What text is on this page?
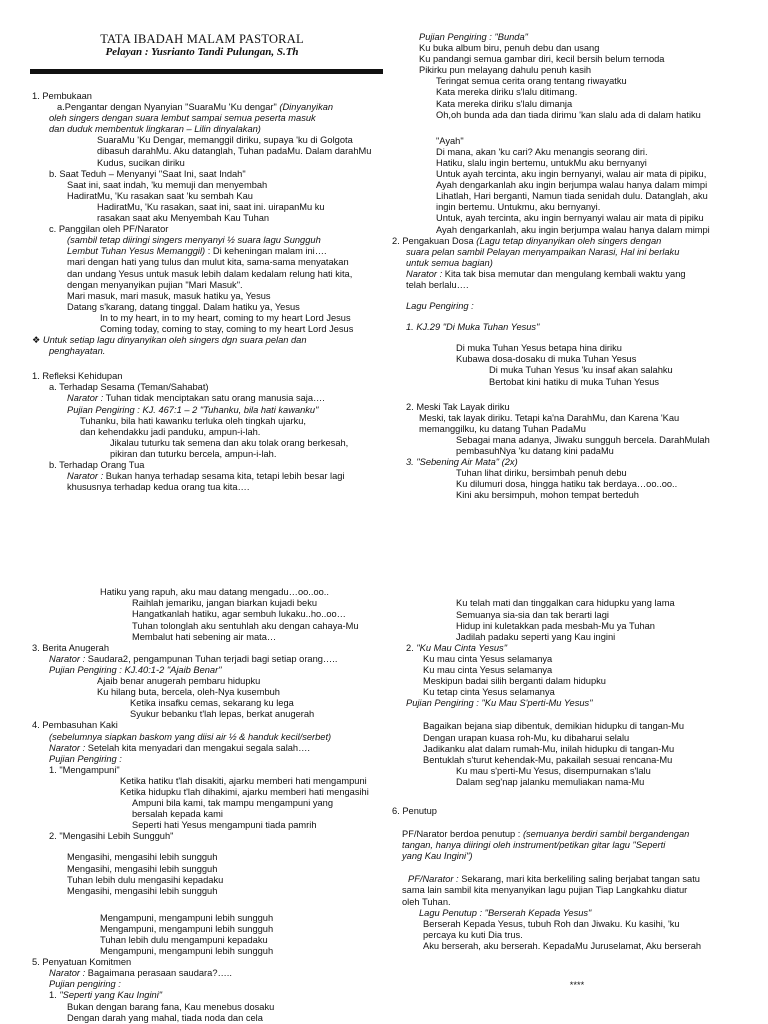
TATA IBADAH MALAM PASTORAL
Pelayan : Yusrianto Tandi Pulungan, S.Th
1. Pembukaan
a.Pengantar dengan Nyanyian "SuaraMu 'Ku dengar" (Dinyanyikan
oleh singers dengan suara lembut sampai semua peserta masuk
dan duduk membentuk lingkaran – Lilin dinyalakan)
SuaraMu 'Ku Dengar, memanggil diriku, supaya 'ku di Golgota
dibasuh darahMu. Aku datanglah, Tuhan padaMu. Dalam darahMu
Kudus, sucikan diriku
b. Saat Teduh – Menyanyi "Saat Ini, saat Indah"
Saat ini, saat indah, 'ku memuji dan menyembah
HadiratMu, 'Ku rasakan saat 'ku sembah Kau
HadiratMu, 'Ku rasakan, saat ini, saat ini. uirapanMu ku
rasakan saat aku Menyembah Kau Tuhan
c. Panggilan oleh PF/Narator
(sambil tetap diiringi singers menyanyi ½ suara lagu Sungguh
Lembut Tuhan Yesus Memanggil) : Di keheningan malam ini….
mari dengan hati yang tulus dan mulut kita, sama-sama menyatakan
dan undang Yesus untuk masuk lebih dalam kedalam relung hati kita,
dengan menyanyikan pujian "Mari Masuk".
Mari masuk, mari masuk, masuk hatiku ya, Yesus
Datang s'karang, datang tinggal. Dalam hatiku ya, Yesus
In to my heart, in to my heart, coming to my heart Lord Jesus
Coming today, coming to stay, coming to my heart Lord Jesus
❖ Untuk setiap lagu dinyanyikan oleh singers dgn suara pelan dan
penghayatan.
1. Refleksi Kehidupan
a. Terhadap Sesama (Teman/Sahabat)
Narator : Tuhan tidak menciptakan satu orang manusia saja….
Pujian Pengiring : KJ. 467:1 – 2 "Tuhanku, bila hati kawanku"
Tuhanku, bila hati kawanku terluka oleh tingkah ujarku,
dan kehendakku jadi panduku, ampun-i-lah.
Jikalau tuturku tak semena dan aku tolak orang berkesah,
pikiran dan tuturku bercela, ampun-i-lah.
b. Terhadap Orang Tua
Narator : Bukan hanya terhadap sesama kita, tetapi lebih besar lagi
khususnya terhadap kedua orang tua kita….
Hatiku yang rapuh, aku mau datang mengadu…oo..oo..
Raihlah jemariku, jangan biarkan kujadi beku
Hangatkanlah hatiku, agar sembuh lukaku..ho..oo…
Tuhan tolonglah aku sentuhlah aku dengan cahaya-Mu
Membalut hati sebening air mata…
3. Berita Anugerah
Narator : Saudara2, pengampunan Tuhan terjadi bagi setiap orang…..
Pujian Pengiring : KJ.40:1-2 "Ajaib Benar"
Ajaib benar anugerah pembaru hidupku
Ku hilang buta, bercela, oleh-Nya kusembuh
Ketika insafku cemas, sekarang ku lega
Syukur bebanku t'lah lepas, berkat anugerah
4. Pembasuhan Kaki
(sebelumnya siapkan baskom yang diisi air ½ & handuk kecil/serbet)
Narator : Setelah kita menyadari dan mengakui segala salah….
Pujian Pengiring :
1. "Mengampuni"
Ketika hatiku t'lah disakiti, ajarku memberi hati mengampuni
Ketika hidupku t'lah dihakimi, ajarku memberi hati mengasihi
Ampuni bila kami, tak mampu mengampuni yang
bersalah kepada kami
Seperti hati Yesus mengampuni tiada pamrih
2. "Mengasihi Lebih Sungguh"
Mengasihi, mengasihi lebih sungguh
Mengasihi, mengasihi lebih sungguh
Tuhan lebih dulu mengasihi kepadaku
Mengasihi, mengasihi lebih sungguh
Mengampuni, mengampuni lebih sungguh
Mengampuni, mengampuni lebih sungguh
Tuhan lebih dulu mengampuni kepadaku
Mengampuni, mengampuni lebih sungguh
5. Penyatuan Komitmen
Narator : Bagaimana perasaan saudara?…..
Pujian pengiring :
1. "Seperti yang Kau Ingini"
Bukan dengan barang fana, Kau menebus dosaku
Dengan darah yang mahal, tiada noda dan cela
Pujian Pengiring : "Bunda"
Ku buka album biru, penuh debu dan usang
Ku pandangi semua gambar diri, kecil bersih belum ternoda
Pikirku pun melayang dahulu penuh kasih
Teringat semua cerita orang tentang riwayatku
Kata mereka diriku s'lalu ditimang.
Kata mereka diriku s'lalu dimanja
Oh,oh bunda ada dan tiada dirimu 'kan slalu ada di dalam hatiku
"Ayah"
Di mana, akan 'ku cari? Aku menangis seorang diri.
Hatiku, slalu ingin bertemu, untukMu aku bernyanyi
Untuk ayah tercinta, aku ingin bernyanyi, walau air mata di pipiku,
Ayah dengarkanlah aku ingin berjumpa walau hanya dalam mimpi
Lihatlah, Hari berganti, Namun tiada senidah dulu. Datanglah, aku
ingin bertemu. Untukmu, aku bernyanyi.
Untuk, ayah tercinta, aku ingin bernyanyi walau air mata di pipiku
Ayah dengarkanlah, aku ingin berjumpa walau hanya dalam mimpi
2. Pengakuan Dosa (Lagu tetap dinyanyikan oleh singers dengan
suara pelan sambil Pelayan menyampaikan Narasi, Hal ini berlaku
untuk semua bagian)
Narator : Kita tak bisa memutar dan mengulang kembali waktu yang
telah berlalu….
Lagu Pengiring :
1. KJ.29 "Di Muka Tuhan Yesus"
Di muka Tuhan Yesus betapa hina diriku
Kubawa dosa-dosaku di muka Tuhan Yesus
Di muka Tuhan Yesus 'ku insaf akan salahku
Bertobat kini hatiku di muka Tuhan Yesus
2. Meski Tak Layak diriku
Meski, tak layak diriku. Tetapi ka'na DarahMu, dan Karena 'Kau
memanggilku, ku datang Tuhan PadaMu
Sebagai mana adanya, Jiwaku sungguh bercela. DarahMulah
pembasuhNya 'ku datang kini padaMu
3. "Sebening Air Mata" (2x)
Tuhan lihat diriku, bersimbah penuh debu
Ku dilumuri dosa, hingga hatiku tak berdaya…oo..oo..
Kini aku bersimpuh, mohon tempat berteduh
Ku telah mati dan tinggalkan cara hidupku yang lama
Semuanya sia-sia dan tak berarti lagi
Hidup ini kuletakkan pada mesbah-Mu ya Tuhan
Jadilah padaku seperti yang Kau ingini
2. "Ku Mau Cinta Yesus"
Ku mau cinta Yesus selamanya
Ku mau cinta Yesus selamanya
Meskipun badai silih berganti dalam hidupku
Ku tetap cinta Yesus selamanya
Pujian Pengiring : "Ku Mau S'perti-Mu Yesus"
Bagaikan bejana siap dibentuk, demikian hidupku di tangan-Mu
Dengan urapan kuasa roh-Mu, ku dibaharui selalu
Jadikanku alat dalam rumah-Mu, inilah hidupku di tangan-Mu
Bentuklah s'turut kehendak-Mu, pakailah sesuai rencana-Mu
Ku mau s'perti-Mu Yesus, disempurnakan s'lalu
Dalam seg'nap jalanku memuliakan nama-Mu
6. Penutup
PF/Narator berdoa penutup : (semuanya berdiri sambil bergandengan
tangan, hanya diiringi oleh instrument/petikan gitar lagu "Seperti
yang Kau Ingini")
PF/Narator : Sekarang, mari kita berkeliling saling berjabat tangan satu
sama lain sambil kita menyanyikan lagu pujian Tiap Langkahku diatur
oleh Tuhan.
Lagu Penutup : "Berserah Kepada Yesus"
Berserah Kepada Yesus, tubuh Roh dan Jiwaku. Ku kasihi, 'ku
percaya ku kuti Dia trus.
Aku berserah, aku berserah. KepadaMu Juruselamat, Aku berserah
****
